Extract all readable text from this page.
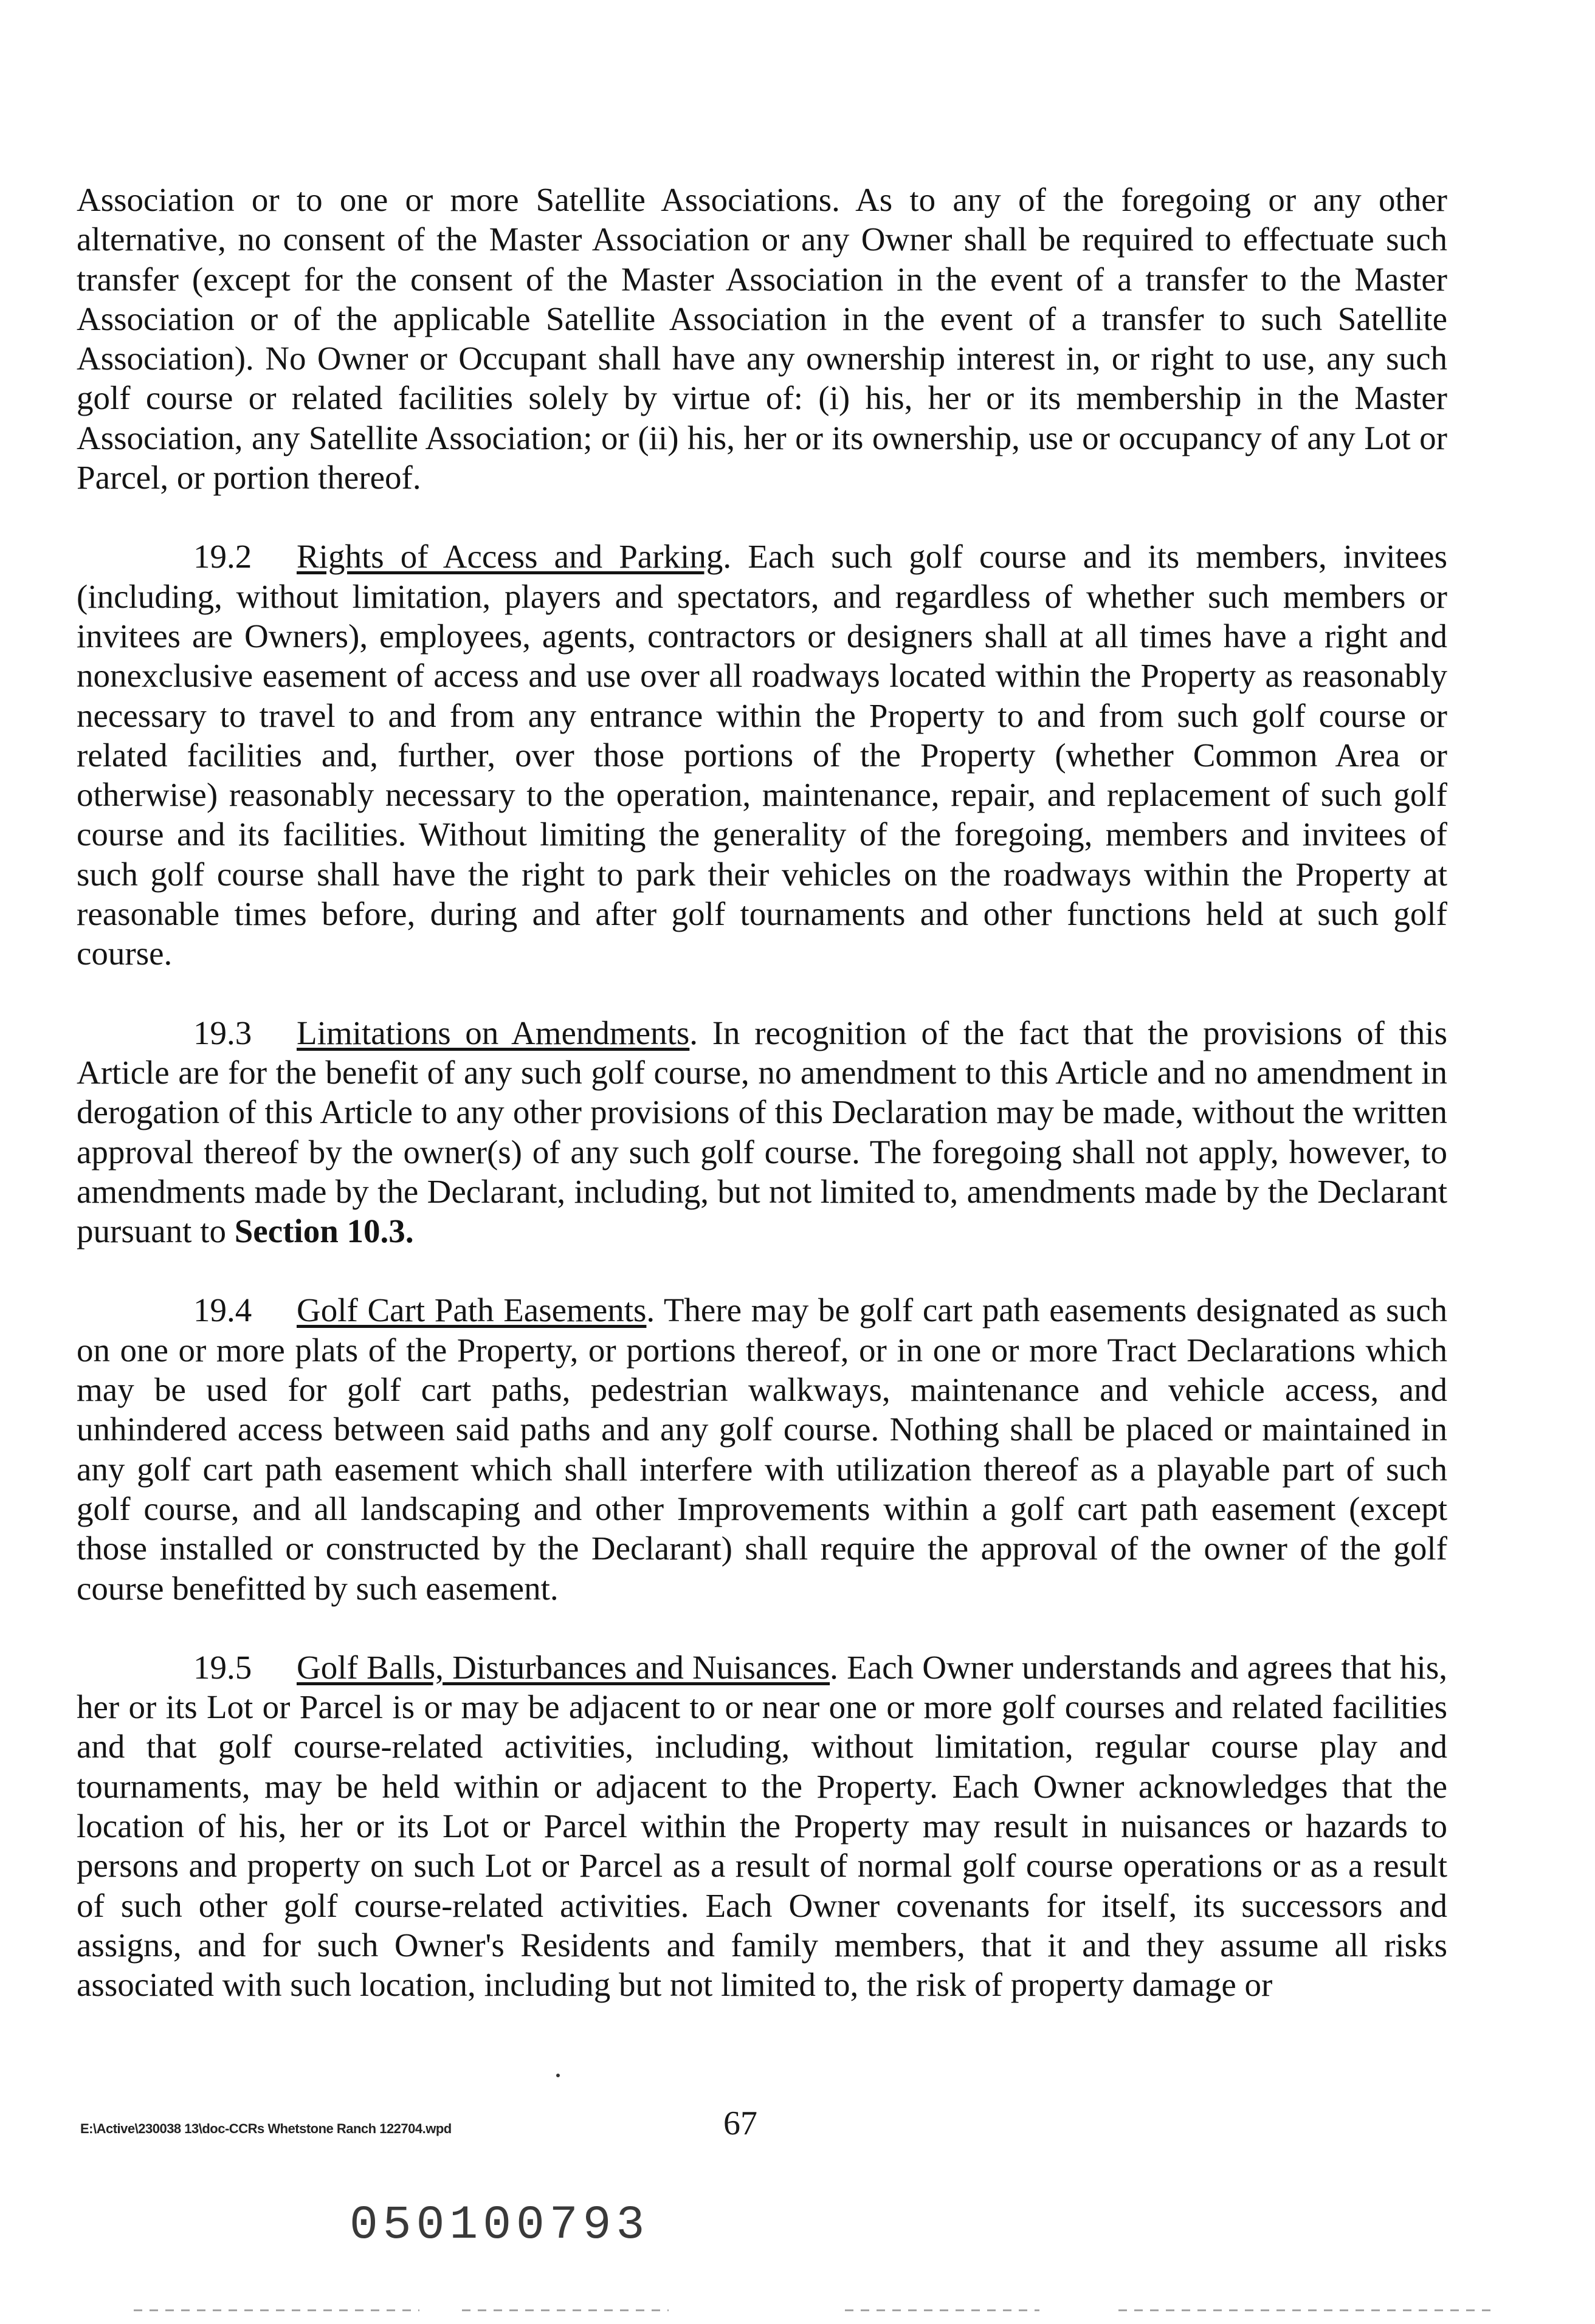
Association or to one or more Satellite Associations. As to any of the foregoing or any other alternative, no consent of the Master Association or any Owner shall be required to effectuate such transfer (except for the consent of the Master Association in the event of a transfer to the Master Association or of the applicable Satellite Association in the event of a transfer to such Satellite Association). No Owner or Occupant shall have any ownership interest in, or right to use, any such golf course or related facilities solely by virtue of: (i) his, her or its membership in the Master Association, any Satellite Association; or (ii) his, her or its ownership, use or occupancy of any Lot or Parcel, or portion thereof.

19.2 Rights of Access and Parking. Each such golf course and its members, invitees (including, without limitation, players and spectators, and regardless of whether such members or invitees are Owners), employees, agents, contractors or designers shall at all times have a right and nonexclusive easement of access and use over all roadways located within the Property as reasonably necessary to travel to and from any entrance within the Property to and from such golf course or related facilities and, further, over those portions of the Property (whether Common Area or otherwise) reasonably necessary to the operation, maintenance, repair, and replacement of such golf course and its facilities. Without limiting the generality of the foregoing, members and invitees of such golf course shall have the right to park their vehicles on the roadways within the Property at reasonable times before, during and after golf tournaments and other functions held at such golf course.

19.3 Limitations on Amendments. In recognition of the fact that the provisions of this Article are for the benefit of any such golf course, no amendment to this Article and no amendment in derogation of this Article to any other provisions of this Declaration may be made, without the written approval thereof by the owner(s) of any such golf course. The foregoing shall not apply, however, to amendments made by the Declarant, including, but not limited to, amendments made by the Declarant pursuant to Section 10.3.

19.4 Golf Cart Path Easements. There may be golf cart path easements designated as such on one or more plats of the Property, or portions thereof, or in one or more Tract Declarations which may be used for golf cart paths, pedestrian walkways, maintenance and vehicle access, and unhindered access between said paths and any golf course. Nothing shall be placed or maintained in any golf cart path easement which shall interfere with utilization thereof as a playable part of such golf course, and all landscaping and other Improvements within a golf cart path easement (except those installed or constructed by the Declarant) shall require the approval of the owner of the golf course benefitted by such easement.

19.5 Golf Balls, Disturbances and Nuisances. Each Owner understands and agrees that his, her or its Lot or Parcel is or may be adjacent to or near one or more golf courses and related facilities and that golf course-related activities, including, without limitation, regular course play and tournaments, may be held within or adjacent to the Property. Each Owner acknowledges that the location of his, her or its Lot or Parcel within the Property may result in nuisances or hazards to persons and property on such Lot or Parcel as a result of normal golf course operations or as a result of such other golf course-related activities. Each Owner covenants for itself, its successors and assigns, and for such Owner's Residents and family members, that it and they assume all risks associated with such location, including but not limited to, the risk of property damage or

E:\Active\230038 13\doc-CCRs Whetstone Ranch 122704.wpd	67
050100793
